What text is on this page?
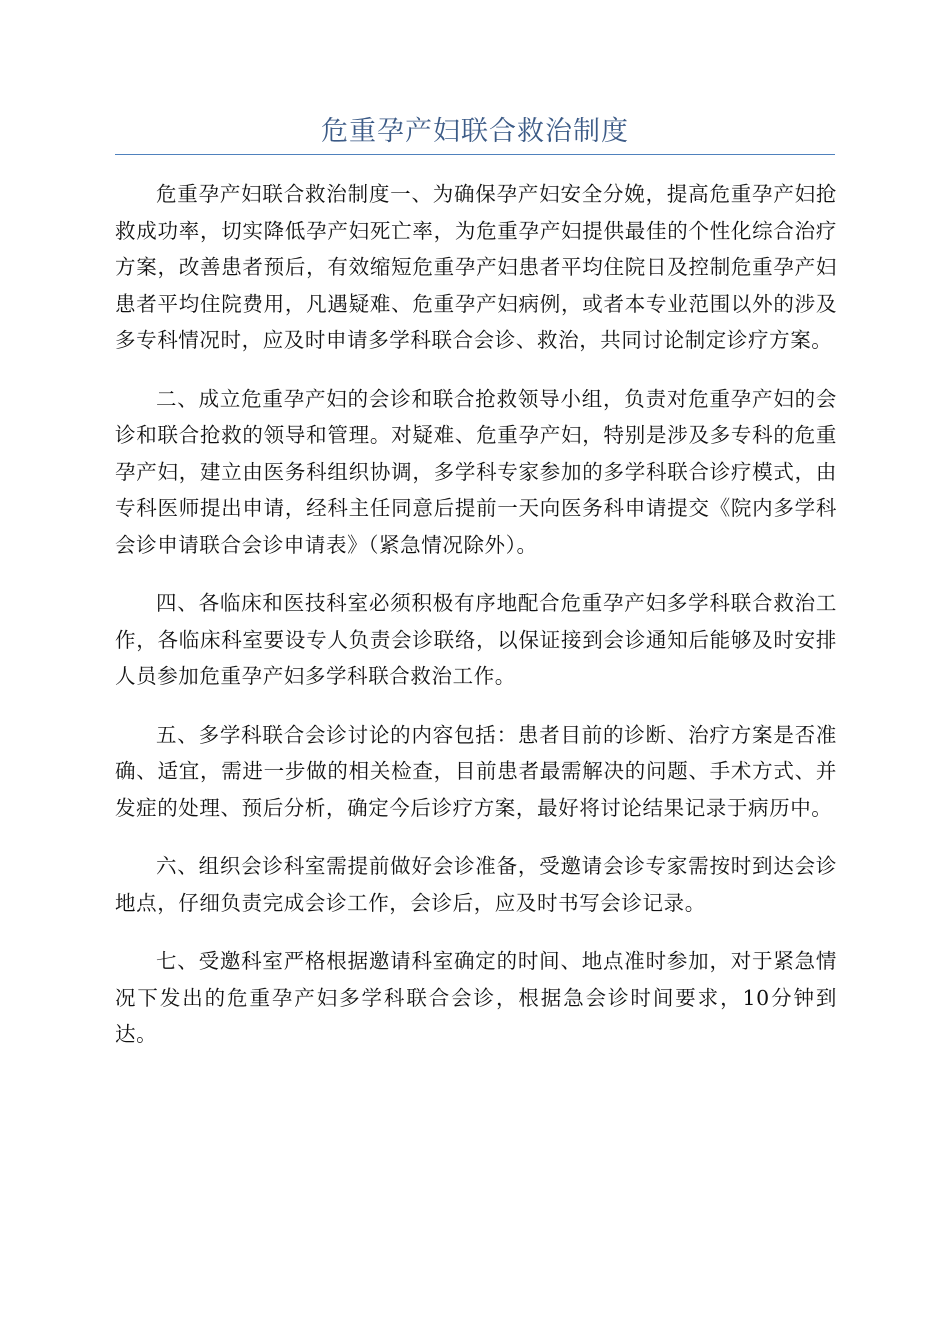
危重孕产妇联合救治制度

危重孕产妇联合救治制度一、为确保孕产妇安全分娩，提高危重孕产妇抢救成功率，切实降低孕产妇死亡率，为危重孕产妇提供最佳的个性化综合治疗方案，改善患者预后，有效缩短危重孕产妇患者平均住院日及控制危重孕产妇患者平均住院费用，凡遇疑难、危重孕产妇病例，或者本专业范围以外的涉及多专科情况时，应及时申请多学科联合会诊、救治，共同讨论制定诊疗方案。

二、成立危重孕产妇的会诊和联合抢救领导小组，负责对危重孕产妇的会诊和联合抢救的领导和管理。对疑难、危重孕产妇，特别是涉及多专科的危重孕产妇，建立由医务科组织协调，多学科专家参加的多学科联合诊疗模式，由专科医师提出申请，经科主任同意后提前一天向医务科申请提交《院内多学科会诊申请联合会诊申请表》（紧急情况除外）。

四、各临床和医技科室必须积极有序地配合危重孕产妇多学科联合救治工作，各临床科室要设专人负责会诊联络，以保证接到会诊通知后能够及时安排人员参加危重孕产妇多学科联合救治工作。

五、多学科联合会诊讨论的内容包括：患者目前的诊断、治疗方案是否准确、适宜，需进一步做的相关检查，目前患者最需解决的问题、手术方式、并发症的处理、预后分析，确定今后诊疗方案，最好将讨论结果记录于病历中。

六、组织会诊科室需提前做好会诊准备，受邀请会诊专家需按时到达会诊地点，仔细负责完成会诊工作，会诊后，应及时书写会诊记录。

七、受邀科室严格根据邀请科室确定的时间、地点准时参加，对于紧急情况下发出的危重孕产妇多学科联合会诊，根据急会诊时间要求，10分钟到达。
